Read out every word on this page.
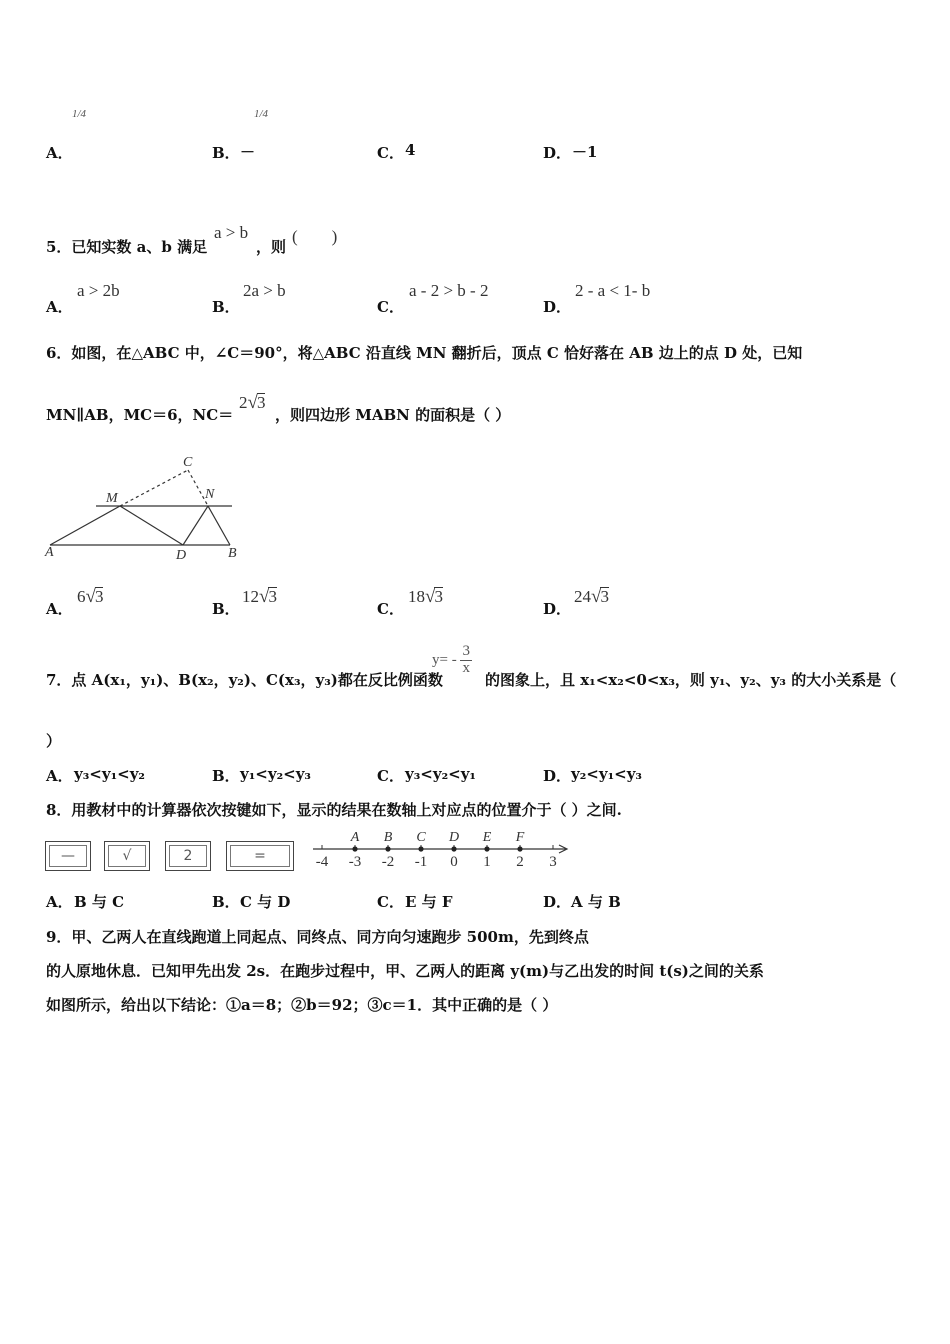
A．
1/4
B． －
1/4
C． 4	D． －1
5．已知实数 a、b 满足
a > b
，则
(　　)
A．
a > 2b
B．
2a > b
C．
a - 2 > b - 2
D．
2 - a < 1- b
6．如图，在△ABC 中，∠C＝90°，将△ABC 沿直线 MN 翻折后，顶点 C 恰好落在 AB 边上的点 D 处，已知
MN∥AB，MC＝6，NC＝
2√3
，则四边形 MABN 的面积是（ ）
C
M	N
A	D	B
A．
6√3
B．
12√3
C．
18√3
D．
24√3
7．点 A(x₁，y₁)、B(x₂，y₂)、C(x₃，y₃)都在反比例函数
$y= - \frac{3}{x}$
的图象上，且 x₁<x₂<0<x₃，则 y₁、y₂、y₃ 的大小关系是（
）
A． y₃<y₁<y₂	B． y₁<y₂<y₃	C． y₃<y₂<y₁	D． y₂<y₁<y₃
8．用教材中的计算器依次按键如下，显示的结果在数轴上对应点的位置介于（ ）之间.
—	√	2	=	-4 -3 -2 -1 0 1 2 3
A B C D E F
A． B 与 C	B． C 与 D	C． E 与 F	D． A 与 B
9．甲、乙两人在直线跑道上同起点、同终点、同方向匀速跑步 500m，先到终点
的人原地休息．已知甲先出发 2s．在跑步过程中，甲、乙两人的距离 y(m)与乙出发的时间 t(s)之间的关系
如图所示，给出以下结论：①a＝8；②b＝92；③c＝1．其中正确的是（ ）
